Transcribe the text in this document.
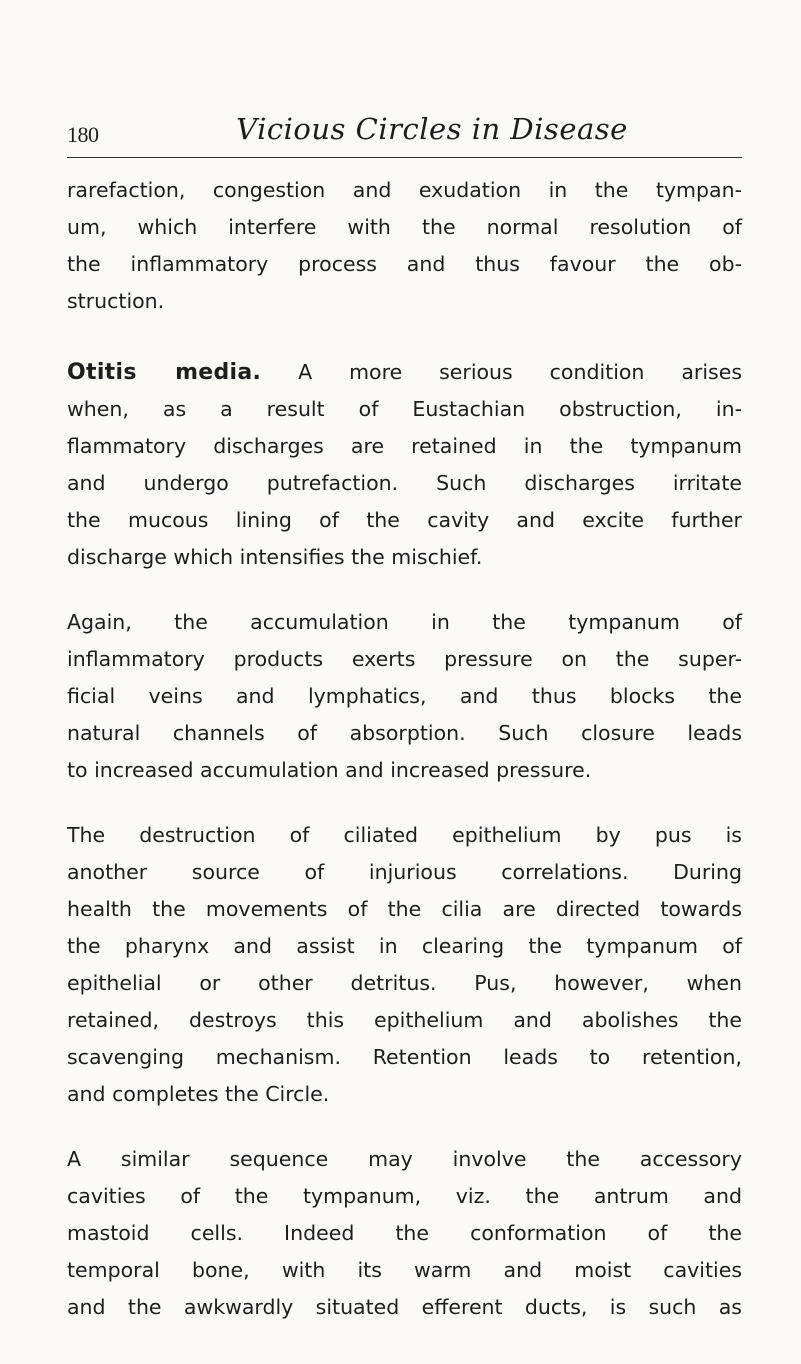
180	Vicious Circles in Disease
rarefaction, congestion and exudation in the tympan-
um, which interfere with the normal resolution of
the inflammatory process and thus favour the ob-
struction.
Otitis media. A more serious condition arises
when, as a result of Eustachian obstruction, in-
flammatory discharges are retained in the tympanum
and undergo putrefaction. Such discharges irritate
the mucous lining of the cavity and excite further
discharge which intensifies the mischief.
Again, the accumulation in the tympanum of
inflammatory products exerts pressure on the super-
ficial veins and lymphatics, and thus blocks the
natural channels of absorption. Such closure leads
to increased accumulation and increased pressure.
The destruction of ciliated epithelium by pus is
another source of injurious correlations. During
health the movements of the cilia are directed towards
the pharynx and assist in clearing the tympanum of
epithelial or other detritus. Pus, however, when
retained, destroys this epithelium and abolishes the
scavenging mechanism. Retention leads to retention,
and completes the Circle.
A similar sequence may involve the accessory
cavities of the tympanum, viz. the antrum and
mastoid cells. Indeed the conformation of the
temporal bone, with its warm and moist cavities
and the awkwardly situated efferent ducts, is such as
